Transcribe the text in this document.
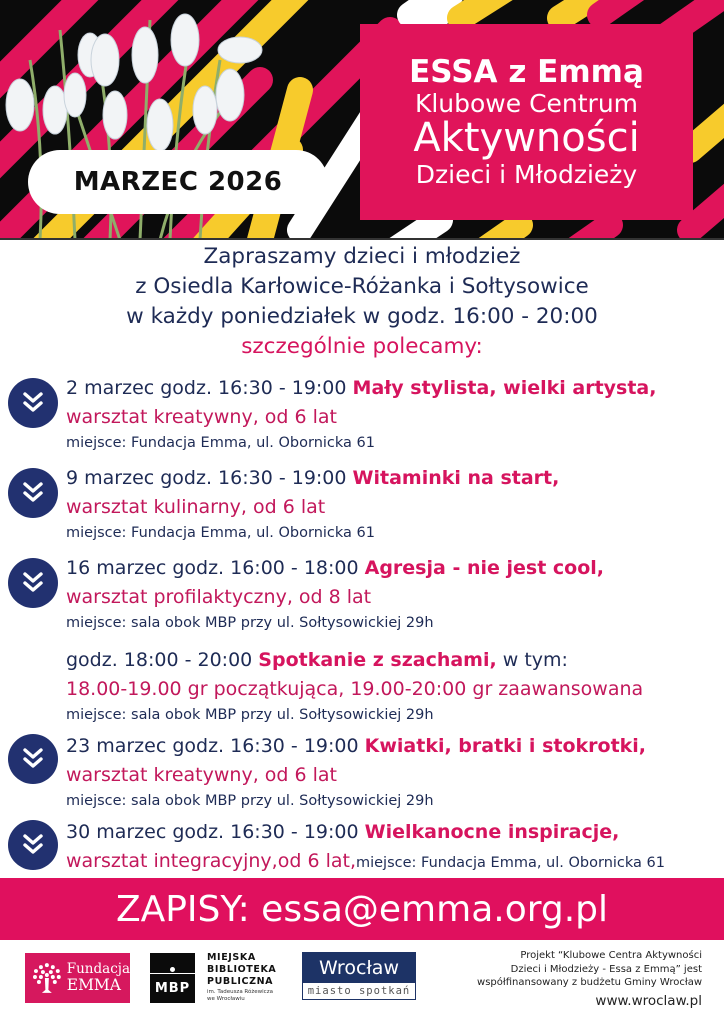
MARZEC 2026
ESSA z Emmą
Klubowe Centrum
Aktywności
Dzieci i Młodzieży
Zapraszamy dzieci i młodzież
z Osiedla Karłowice-Różanka i Sołtysowice
w każdy poniedziałek w godz. 16:00 - 20:00
szczególnie polecamy:
2 marzec godz. 16:30 - 19:00 Mały stylista, wielki artysta,
warsztat kreatywny, od 6 lat
miejsce: Fundacja Emma, ul. Obornicka 61
9 marzec godz. 16:30 - 19:00 Witaminki na start,
warsztat kulinarny, od 6 lat
miejsce: Fundacja Emma, ul. Obornicka 61
16 marzec godz. 16:00 - 18:00 Agresja - nie jest cool,
warsztat profilaktyczny, od 8 lat
miejsce: sala obok MBP przy ul. Sołtysowickiej 29h
godz. 18:00 - 20:00 Spotkanie z szachami, w tym:
18.00-19.00 gr początkująca, 19.00-20:00 gr zaawansowana
miejsce: sala obok MBP przy ul. Sołtysowickiej 29h
23 marzec godz. 16:30 - 19:00 Kwiatki, bratki i stokrotki,
warsztat kreatywny, od 6 lat
miejsce: sala obok MBP przy ul. Sołtysowickiej 29h
30 marzec godz. 16:30 - 19:00 Wielkanocne inspiracje,
warsztat integracyjny,od 6 lat,miejsce: Fundacja Emma, ul. Obornicka 61
ZAPISY: essa@emma.org.pl
Fundacja
EMMA	MBP
MIEJSKA
BIBLIOTEKA
PUBLICZNA
im. Tadeusza Różewicza
we Wrocławiu
Wrocław
miasto spotkań
Projekt “Klubowe Centra Aktywności
Dzieci i Młodzieży - Essa z Emmą” jest
współfinansowany z budżetu Gminy Wrocław
www.wroclaw.pl
